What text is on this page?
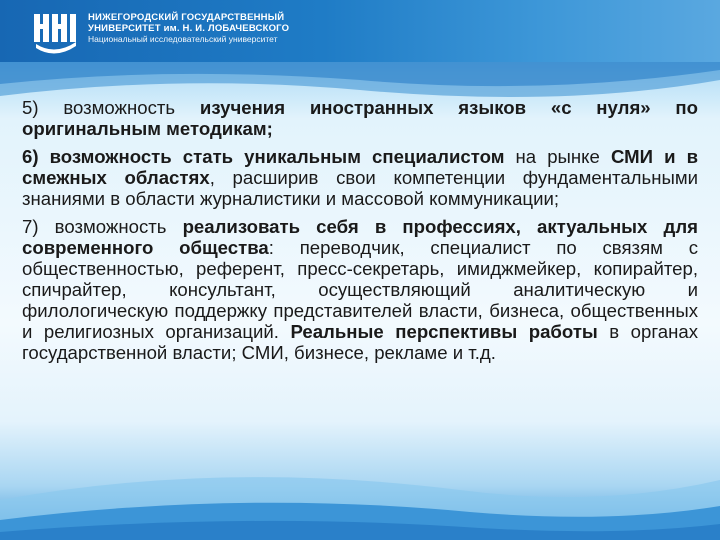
НИЖЕГОРОДСКИЙ ГОСУДАРСТВЕННЫЙ
УНИВЕРСИТЕТ им. Н. И. ЛОБАЧЕВСКОГО
Национальный исследовательский университет

5) возможность изучения иностранных языков «с нуля» по оригинальным методикам;

6) возможность стать уникальным специалистом на рынке СМИ и в смежных областях, расширив свои компетенции фундаментальными знаниями в области журналистики и массовой коммуникации;

7) возможность реализовать себя в профессиях, актуальных для современного общества: переводчик, специалист по связям с общественностью, референт, пресс-секретарь, имиджмейкер, копирайтер, спичрайтер, консультант, осуществляющий аналитическую и филологическую поддержку представителей власти, бизнеса, общественных и религиозных организаций. Реальные перспективы работы в органах государственной власти; СМИ, бизнесе, рекламе и т.д.
